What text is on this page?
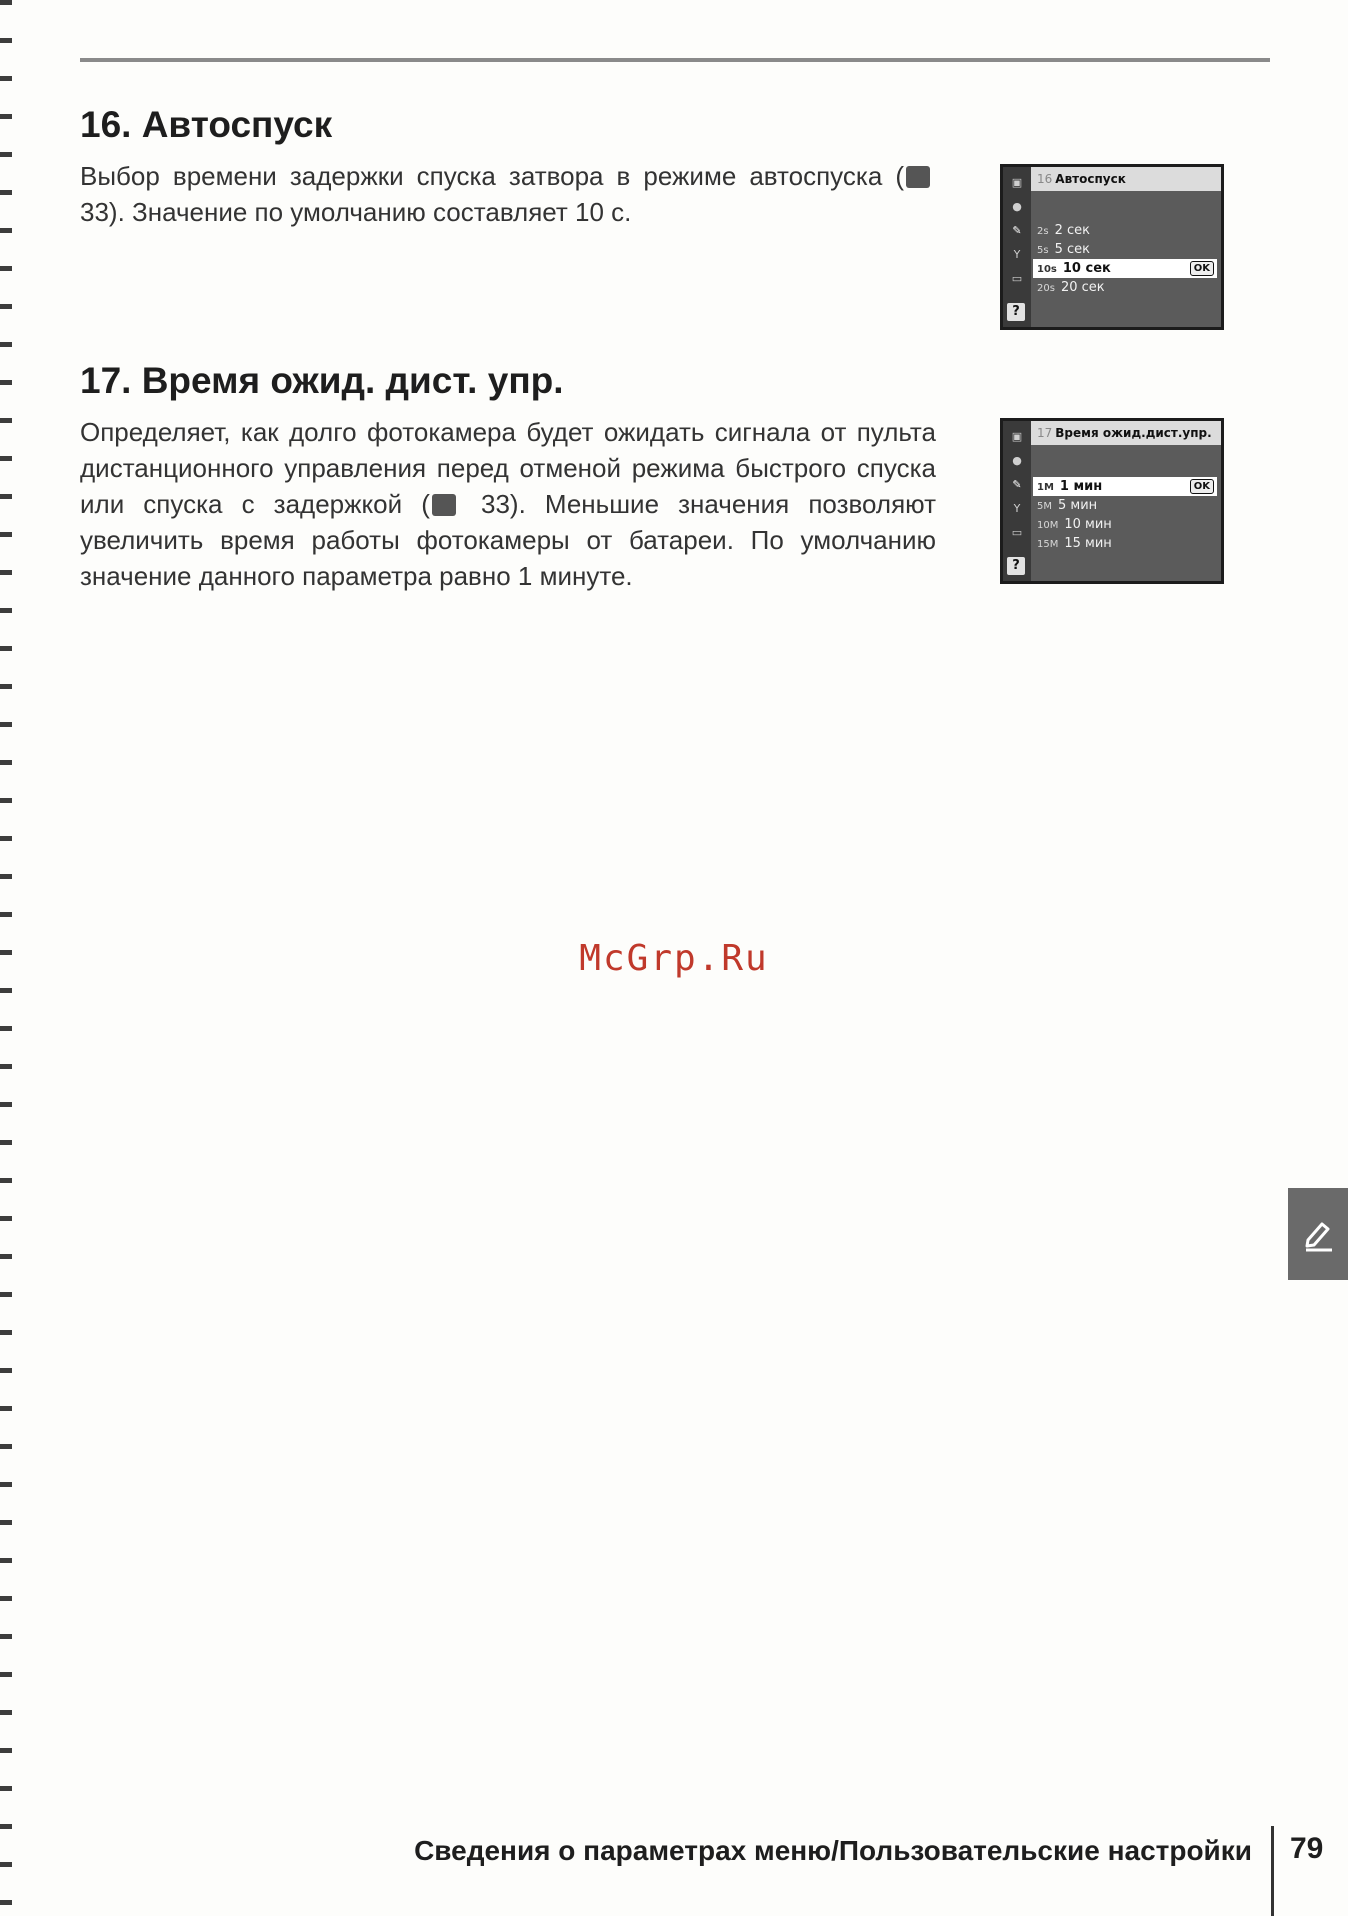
16. Автоспуск

Выбор времени задержки спуска затвора в режиме автоспуска ( 33). Значение по умолчанию составляет 10 с.

▣
●
✎
Y
▭
?
16 Автоспуск
2s 2 сек
5s 5 сек
10s 10 сек	OK
20s 20 сек
17. Время ожид. дист. упр.

Определяет, как долго фотокамера будет ожидать сигнала от пульта дистанционного управления перед отменой режима быстрого спуска или спуска с задержкой ( 33). Меньшие значения позволяют увеличить время работы фотокамеры от батареи. По умолчанию значение данного параметра равно 1 минуте.

▣
●
✎
Y
▭
?
17 Время ожид.дист.упр.
1M 1 мин	OK
5M 5 мин
10M 10 мин
15M 15 мин
McGrp.Ru
Сведения о параметрах меню/Пользовательские настройки 79
